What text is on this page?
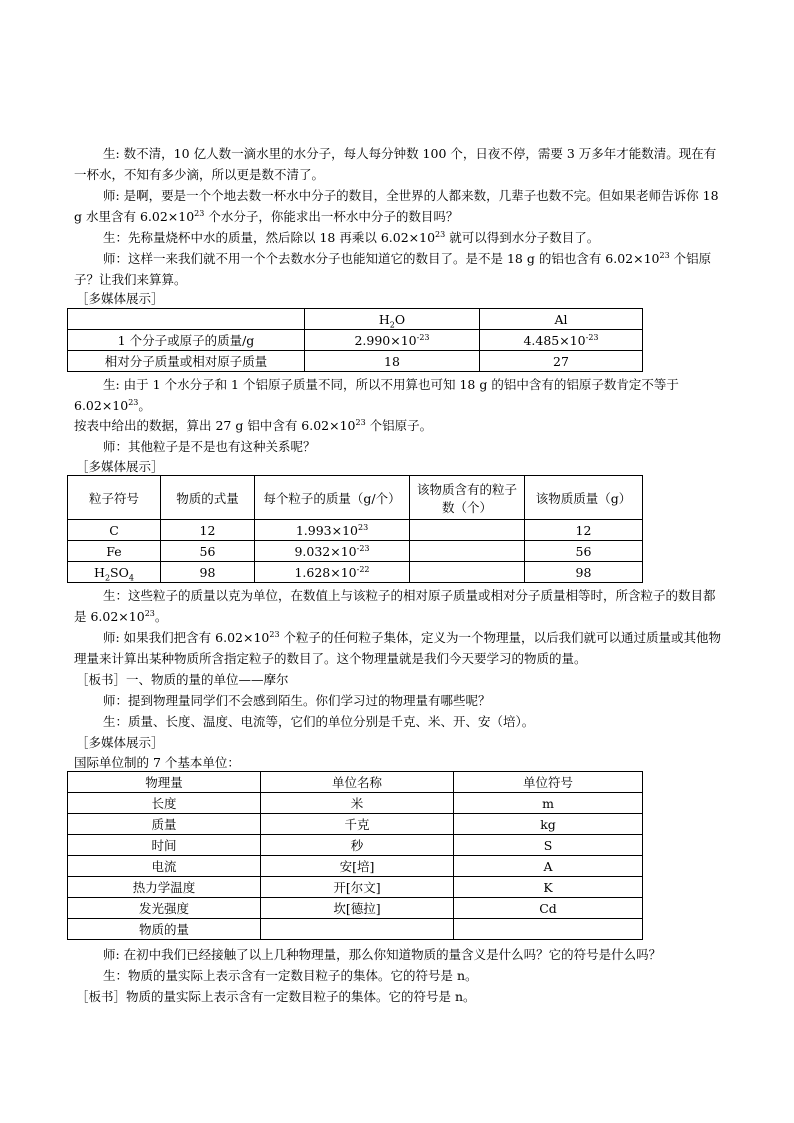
生: 数不清，10 亿人数一滴水里的水分子，每人每分钟数 100 个，日夜不停，需要 3 万多年才能数清。现在有一杯水，不知有多少滴，所以更是数不清了。

师: 是啊，要是一个个地去数一杯水中分子的数目，全世界的人都来数，几辈子也数不完。但如果老师告诉你 18 g 水里含有 $6.02\times 10^{23}$ 个水分子，你能求出一杯水中分子的数目吗？

生：先称量烧杯中水的质量，然后除以 18 再乘以 $6.02\times 10^{23}$ 就可以得到水分子数目了。

师：这样一来我们就不用一个个去数水分子也能知道它的数目了。是不是 18 g 的铝也含有 $6.02\times 10^{23}$ 个铝原子？让我们来算算。

［多媒体展示］

	$H_2O$	Al
1 个分子或原子的质量/g	$2.990\times 10^{-23}$	$4.485\times 10^{-23}$
相对分子质量或相对原子质量	18	27

生: 由于 1 个水分子和 1 个铝原子质量不同，所以不用算也可知 18 g 的铝中含有的铝原子数肯定不等于 $6.02\times 10^{23}$。

按表中给出的数据，算出 27 g 铝中含有 $6.02\times 10^{23}$ 个铝原子。

师：其他粒子是不是也有这种关系呢？

［多媒体展示］

粒子符号	物质的式量	每个粒子的质量（g/个）	该物质含有的粒子数（个）	该物质质量（g）
C	12	$1.993\times 10^{23}$		12
Fe	56	$9.032\times 10^{-23}$		56
$H_2SO_4$	98	$1.628\times 10^{-22}$		98

生：这些粒子的质量以克为单位，在数值上与该粒子的相对原子质量或相对分子质量相等时，所含粒子的数目都是 $6.02\times 10^{23}$。

师: 如果我们把含有 $6.02\times 10^{23}$ 个粒子的任何粒子集体，定义为一个物理量，以后我们就可以通过质量或其他物理量来计算出某种物质所含指定粒子的数目了。这个物理量就是我们今天要学习的物质的量。

［板书］一、物质的量的单位——摩尔

师：提到物理量同学们不会感到陌生。你们学习过的物理量有哪些呢？

生：质量、长度、温度、电流等，它们的单位分别是千克、米、开、安（培）。

［多媒体展示］

国际单位制的 7 个基本单位：

物理量	单位名称	单位符号
长度	米	m
质量	千克	kg
时间	秒	S
电流	安[培]	A
热力学温度	开[尔文]	K
发光强度	坎[德拉]	Cd
物质的量		

师: 在初中我们已经接触了以上几种物理量，那么你知道物质的量含义是什么吗？它的符号是什么吗？

生：物质的量实际上表示含有一定数目粒子的集体。它的符号是 n。

［板书］物质的量实际上表示含有一定数目粒子的集体。它的符号是 n。
